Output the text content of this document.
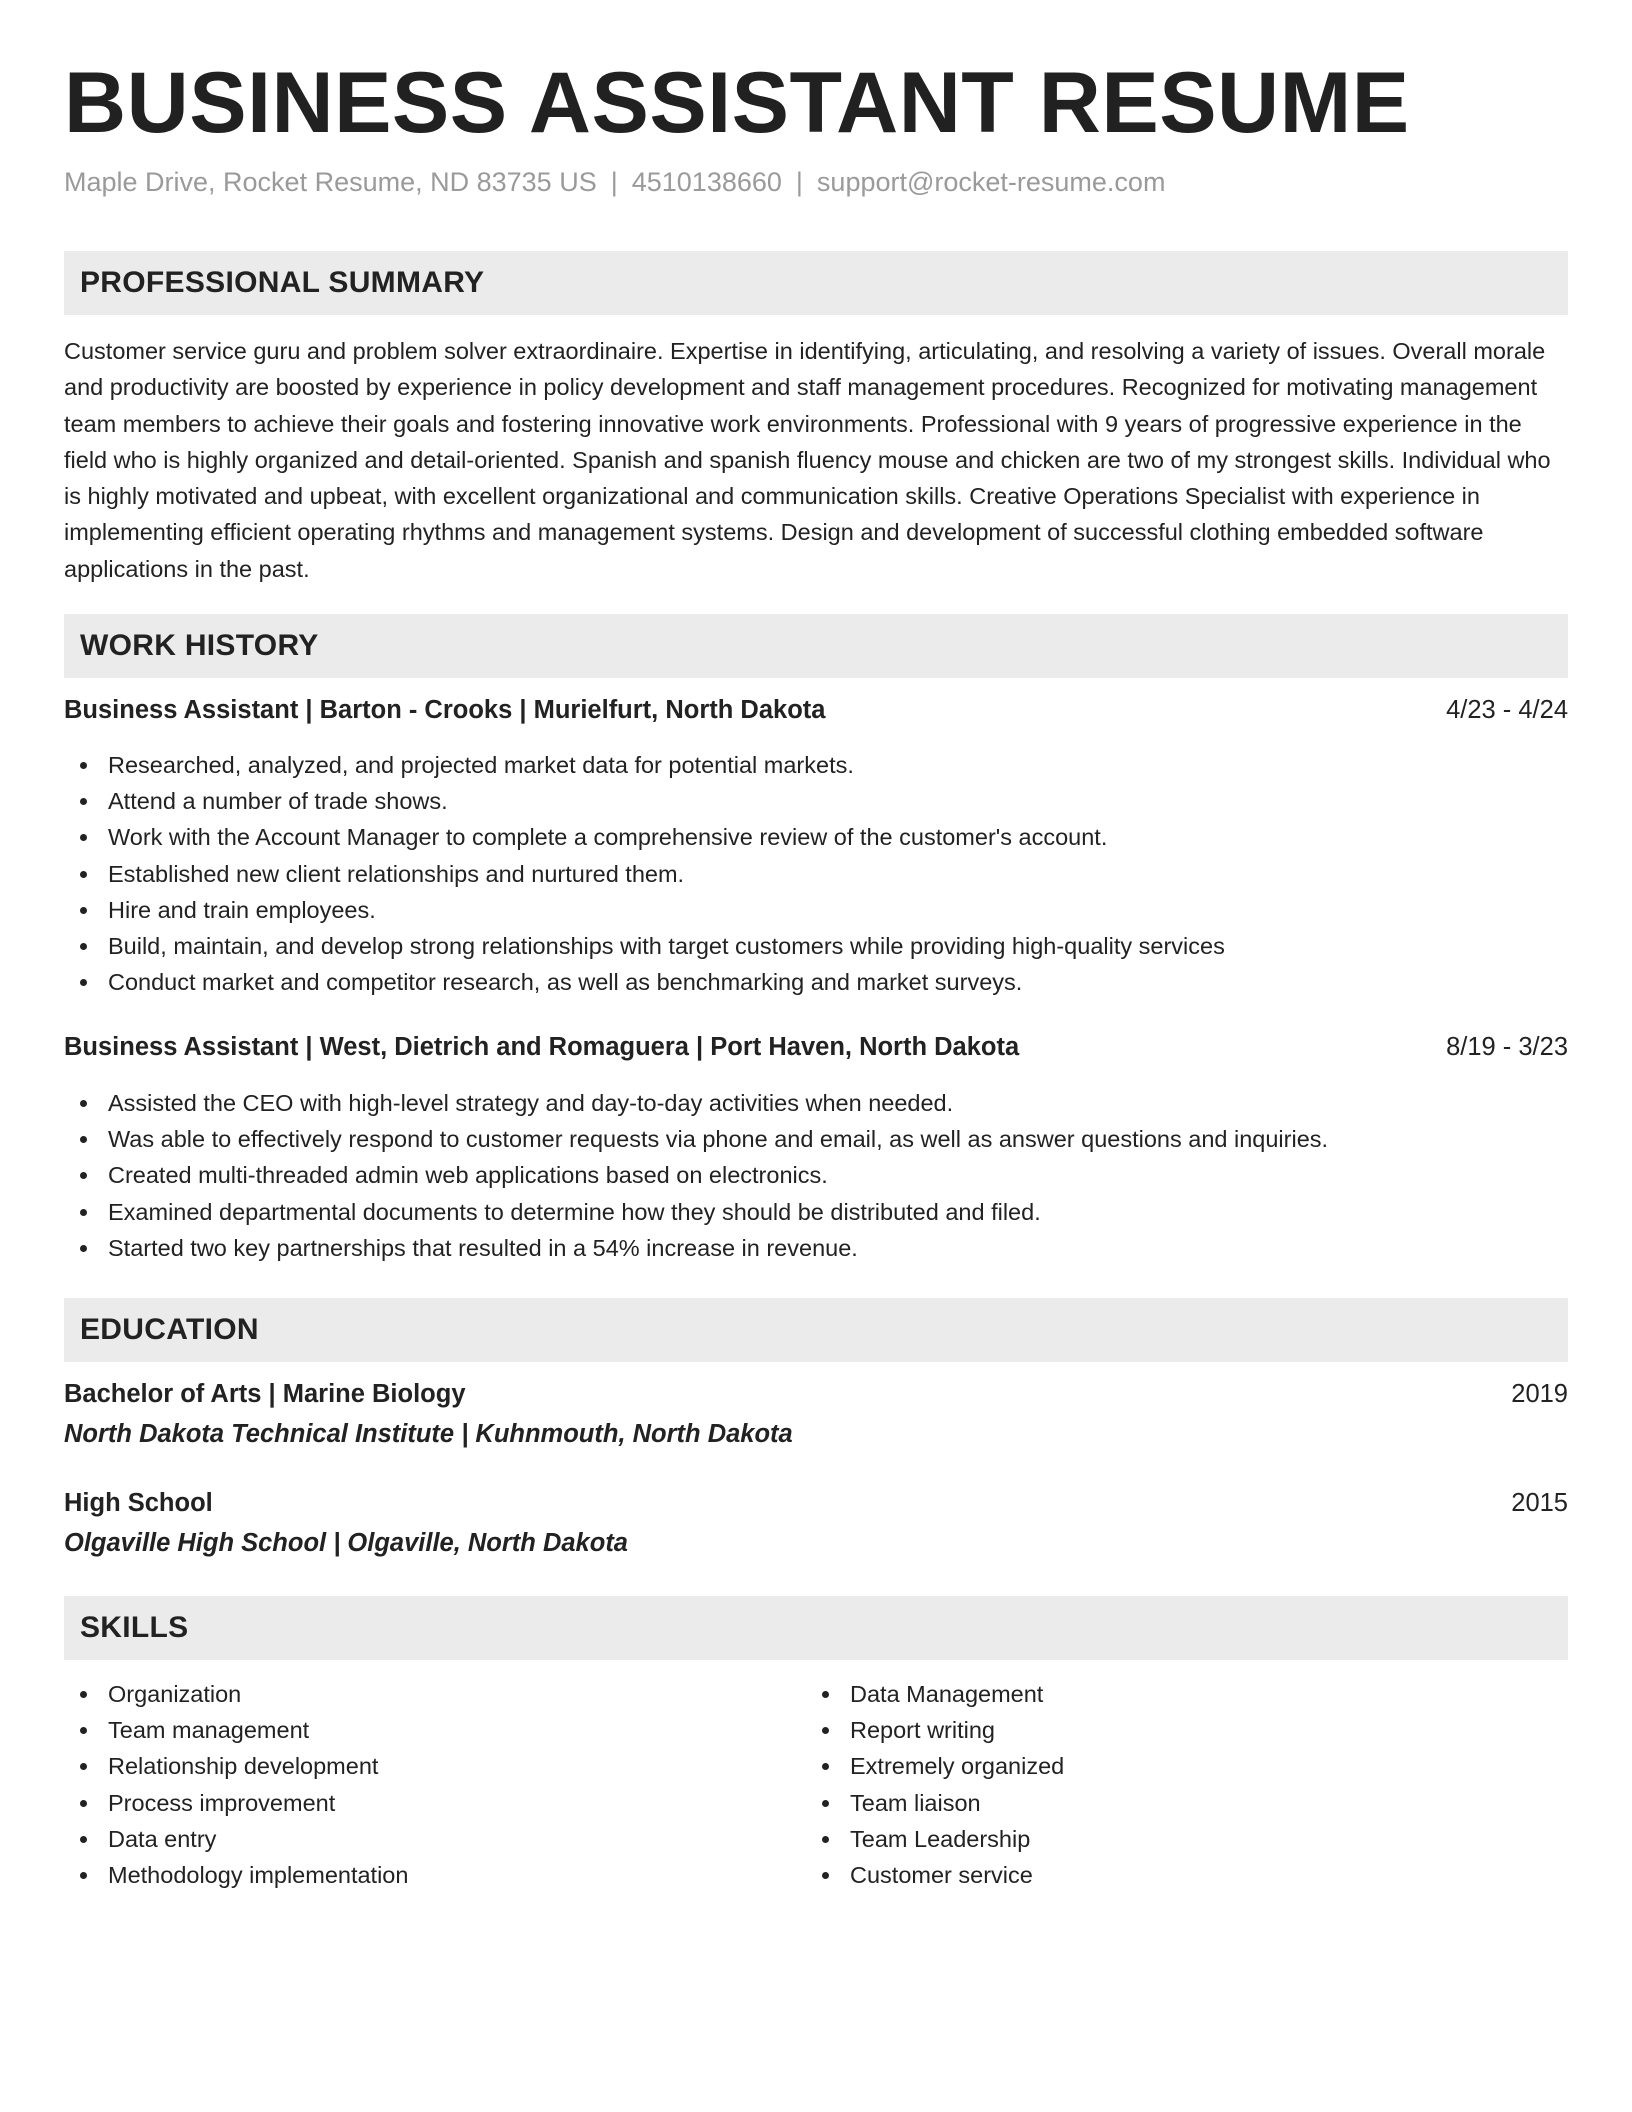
BUSINESS ASSISTANT RESUME
Maple Drive, Rocket Resume, ND 83735 US | 4510138660 | support@rocket-resume.com
PROFESSIONAL SUMMARY

Customer service guru and problem solver extraordinaire. Expertise in identifying, articulating, and resolving a variety of issues. Overall morale and productivity are boosted by experience in policy development and staff management procedures. Recognized for motivating management team members to achieve their goals and fostering innovative work environments. Professional with 9 years of progressive experience in the field who is highly organized and detail-oriented. Spanish and spanish fluency mouse and chicken are two of my strongest skills. Individual who is highly motivated and upbeat, with excellent organizational and communication skills. Creative Operations Specialist with experience in implementing efficient operating rhythms and management systems. Design and development of successful clothing embedded software applications in the past.

WORK HISTORY
Business Assistant | Barton - Crooks | Murielfurt, North Dakota	4/23 - 4/24
Researched, analyzed, and projected market data for potential markets.
Attend a number of trade shows.
Work with the Account Manager to complete a comprehensive review of the customer's account.
Established new client relationships and nurtured them.
Hire and train employees.
Build, maintain, and develop strong relationships with target customers while providing high-quality services
Conduct market and competitor research, as well as benchmarking and market surveys.
Business Assistant | West, Dietrich and Romaguera | Port Haven, North Dakota	8/19 - 3/23
Assisted the CEO with high-level strategy and day-to-day activities when needed.
Was able to effectively respond to customer requests via phone and email, as well as answer questions and inquiries.
Created multi-threaded admin web applications based on electronics.
Examined departmental documents to determine how they should be distributed and filed.
Started two key partnerships that resulted in a 54% increase in revenue.
EDUCATION
Bachelor of Arts | Marine Biology	2019
North Dakota Technical Institute | Kuhnmouth, North Dakota
High School	2015
Olgaville High School | Olgaville, North Dakota
SKILLS
Organization
Team management
Relationship development
Process improvement
Data entry
Methodology implementation
Data Management
Report writing
Extremely organized
Team liaison
Team Leadership
Customer service
